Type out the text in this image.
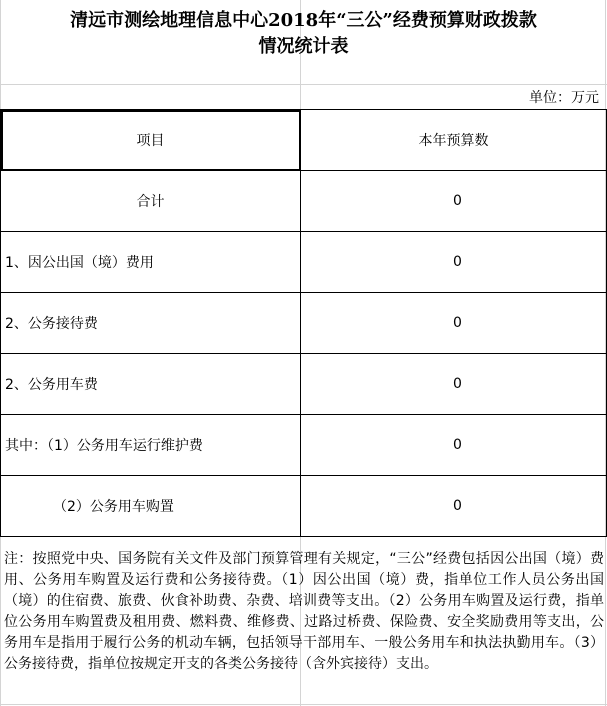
清远市测绘地理信息中心2018年“三公”经费预算财政拨款
情况统计表
单位：万元
项目	本年预算数
合计	0
1、因公出国（境）费用	0
2、公务接待费	0
2、公务用车费	0
其中：（1）公务用车运行维护费	0
（2）公务用车购置	0
注：按照党中央、国务院有关文件及部门预算管理有关规定，“三公”经费包括因公出国（境）费用、公务用车购置及运行费和公务接待费。（1）因公出国（境）费，指单位工作人员公务出国（境）的住宿费、旅费、伙食补助费、杂费、培训费等支出。（2）公务用车购置及运行费，指单位公务用车购置费及租用费、燃料费、维修费、过路过桥费、保险费、安全奖励费用等支出，公务用车是指用于履行公务的机动车辆，包括领导干部用车、一般公务用车和执法执勤用车。（3）公务接待费，指单位按规定开支的各类公务接待（含外宾接待）支出。
